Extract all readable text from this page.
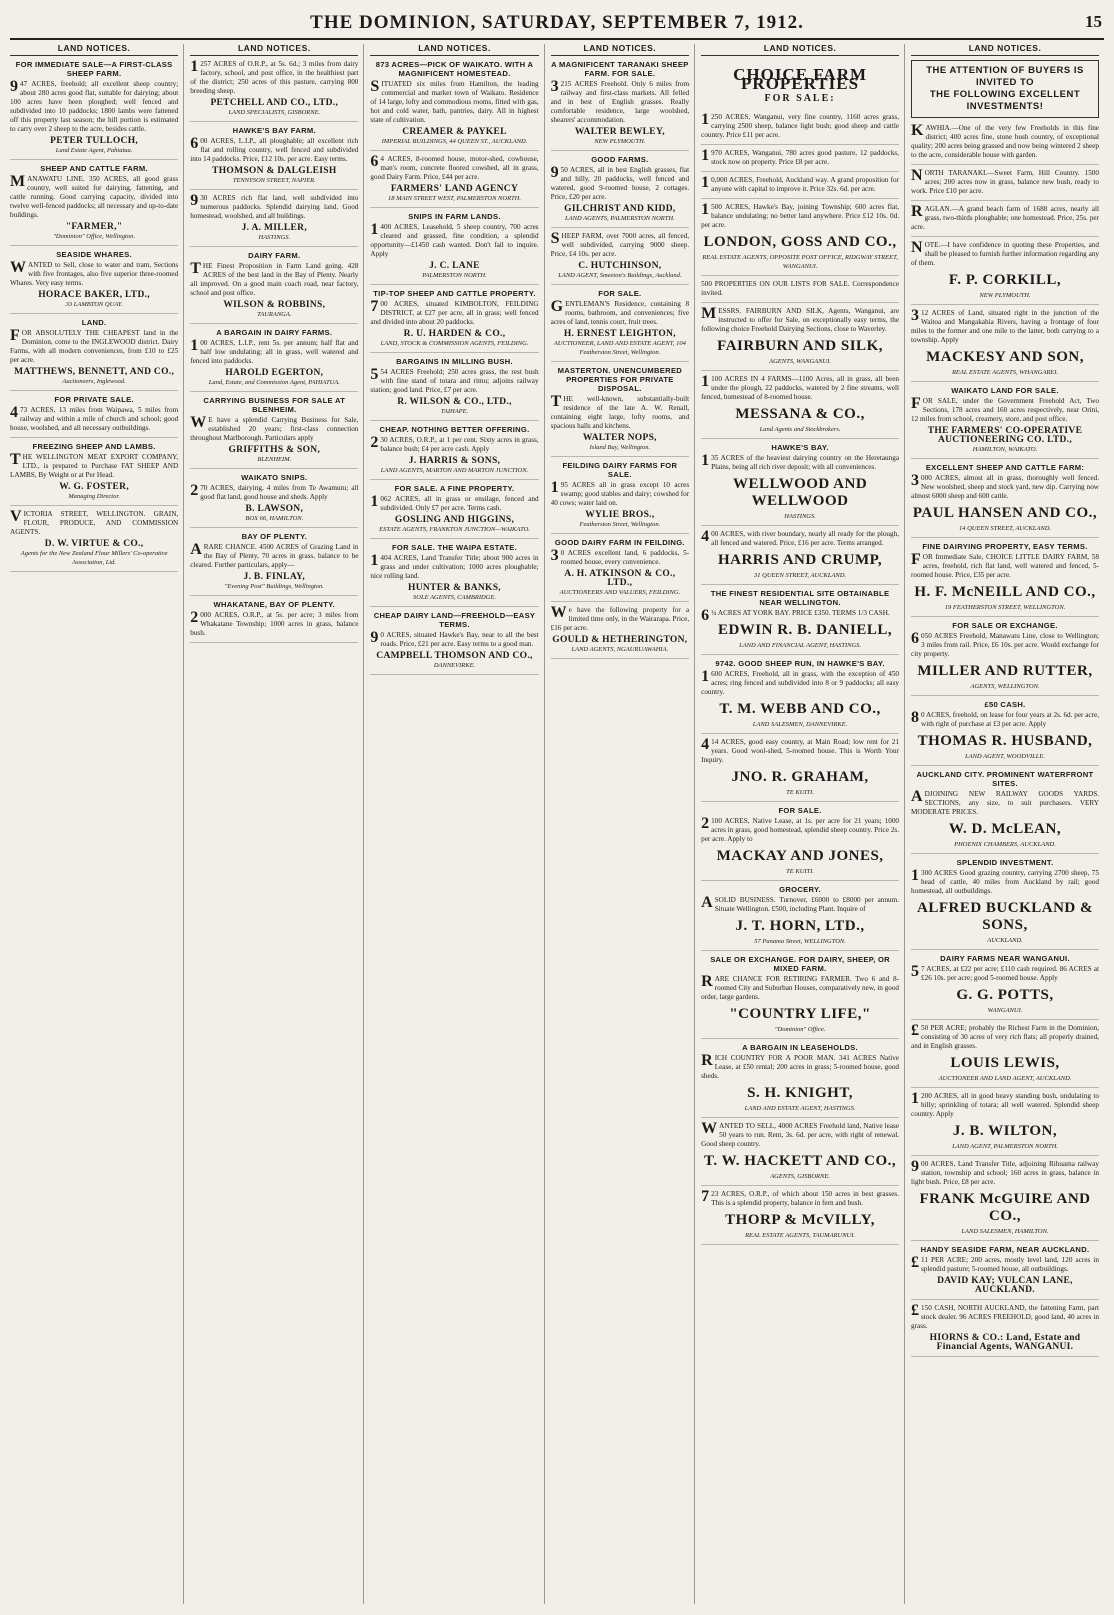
THE DOMINION, SATURDAY, SEPTEMBER 7, 1912.	15
LAND NOTICES.
FOR IMMEDIATE SALE—A FIRST-CLASS SHEEP FARM.
947 ACRES, freehold; all excellent sheep country; about 280 acres good flat, suitable for dairying; about 100 acres have been ploughed; well fenced and subdivided into 10 paddocks; 1800 lambs were fattened off this property last season; the hill portion is estimated to carry over 2 sheep to the acre, besides cattle.
PETER TULLOCH,
Land Estate Agent, Pahiatua.
SHEEP AND CATTLE FARM.
MANAWATU LINE. 350 ACRES, all good grass country, well suited for dairying, fattening, and cattle running. Good carrying capacity, divided into twelve well-fenced paddocks; all necessary and up-to-date buildings.
"FARMER,"
"Dominion" Office, Wellington.
SEASIDE WHARES.
WANTED to Sell, close to water and tram, Sections with five frontages, also five superior three-roomed Whares. Very easy terms.
HORACE BAKER, LTD.,
33 LAMBTON QUAY.
LAND.
FOR ABSOLUTELY THE CHEAPEST land in the Dominion, come to the INGLEWOOD district. Dairy Farms, with all modern conveniences, from £10 to £25 per acre.
MATTHEWS, BENNETT, AND CO.,
Auctioneers, Inglewood.
FOR PRIVATE SALE.
473 ACRES, 13 miles from Waipawa, 5 miles from railway and within a mile of church and school; good house, woolshed, and all necessary outbuildings.
FREEZING SHEEP AND LAMBS.
THE WELLINGTON MEAT EXPORT COMPANY, LTD., is prepared to Purchase FAT SHEEP AND LAMBS, By Weight or at Per Head.
W. G. FOSTER,
Managing Director.
VICTORIA STREET, WELLINGTON. GRAIN, FLOUR, PRODUCE, AND COMMISSION AGENTS.
D. W. VIRTUE & CO.,
Agents for the New Zealand Flour Millers' Co-operative Association, Ltd.
LAND NOTICES.
1257 ACRES of O.R.P., at 5s. 6d.; 3 miles from dairy factory, school, and post office, in the healthiest part of the district; 250 acres of this pasture, carrying 800 breeding sheep.
PETCHELL AND CO., LTD.,
LAND SPECIALISTS, GISBORNE.
HAWKE'S BAY FARM.
600 ACRES, L.I.P., all ploughable; all excellent rich flat and rolling country, well fenced and subdivided into 14 paddocks. Price, £12 10s. per acre. Easy terms.
THOMSON & DALGLEISH
TENNYSON STREET, NAPIER.
930 ACRES rich flat land, well subdivided into numerous paddocks. Splendid dairying land. Good homestead, woolshed, and all buildings.
J. A. MILLER,
HASTINGS.
DAIRY FARM.
THE Finest Proposition in Farm Land going. 428 ACRES of the best land in the Bay of Plenty. Nearly all improved. On a good main coach road, near factory, school and post office.
WILSON & ROBBINS,
TAURANGA.
A BARGAIN IN DAIRY FARMS.
100 ACRES, L.I.P., rent 5s. per annum; half flat and half low undulating; all in grass, well watered and fenced into paddocks.
HAROLD EGERTON,
Land, Estate, and Commission Agent, PAHIATUA.
CARRYING BUSINESS FOR SALE AT BLENHEIM.
WE have a splendid Carrying Business for Sale, established 20 years; first-class connection throughout Marlborough. Particulars apply
GRIFFITHS & SON,
BLENHEIM.
WAIKATO SNIPS.
270 ACRES, dairying, 4 miles from Te Awamutu; all good flat land, good house and sheds. Apply
B. LAWSON,
BOX 66, HAMILTON.
BAY OF PLENTY.
ARARE CHANCE. 4500 ACRES of Grazing Land in the Bay of Plenty, 70 acres in grass, balance to be cleared. Further particulars, apply—
J. B. FINLAY,
"Evening Post" Buildings, Wellington.
WHAKATANE, BAY OF PLENTY.
2000 ACRES, O.R.P., at 5s. per acre; 3 miles from Whakatane Township; 1000 acres in grass, balance bush.
LAND NOTICES.
873 ACRES—PICK OF WAIKATO. WITH A MAGNIFICENT HOMESTEAD.
SITUATED six miles from Hamilton, the leading commercial and market town of Waikato. Residence of 14 large, lofty and commodious rooms, fitted with gas, hot and cold water, bath, pantries, dairy. All in highest state of cultivation.
CREAMER & PAYKEL
IMPERIAL BUILDINGS, 44 QUEEN ST., AUCKLAND.
64 ACRES, 8-roomed house, motor-shed, cowhouse, man's room, concrete floored cowshed, all in grass, good Dairy Farm. Price, £44 per acre.
FARMERS' LAND AGENCY
18 MAIN STREET WEST, PALMERSTON NORTH.
SNIPS IN FARM LANDS.
1400 ACRES, Leasehold, 5 sheep country, 700 acres cleared and grassed, fine condition, a splendid opportunity—£1450 cash wanted. Don't fail to inquire. Apply
J. C. LANE
PALMERSTON NORTH.
TIP-TOP SHEEP AND CATTLE PROPERTY.
700 ACRES, situated KIMBOLTON, FEILDING DISTRICT, at £27 per acre, all in grass; well fenced and divided into about 20 paddocks.
R. U. HARDEN & CO.,
LAND, STOCK & COMMISSION AGENTS, FEILDING.
BARGAINS IN MILLING BUSH.
554 ACRES Freehold; 250 acres grass, the rest bush with fine stand of totara and rimu; adjoins railway station; good land. Price, £7 per acre.
R. WILSON & CO., LTD.,
TAIHAPE.
CHEAP. NOTHING BETTER OFFERING.
230 ACRES, O.R.P., at 1 per cent. Sixty acres in grass, balance bush; £4 per acre cash. Apply
J. HARRIS & SONS,
LAND AGENTS, MARTON AND MARTON JUNCTION.
FOR SALE. A FINE PROPERTY.
1062 ACRES, all in grass or ensilage, fenced and subdivided. Only £7 per acre. Terms cash.
GOSLING AND HIGGINS,
ESTATE AGENTS, FRANKTON JUNCTION—WAIKATO.
FOR SALE. THE WAIPA ESTATE.
1404 ACRES, Land Transfer Title; about 900 acres in grass and under cultivation; 1000 acres ploughable; nice rolling land.
HUNTER & BANKS,
SOLE AGENTS, CAMBRIDGE.
CHEAP DAIRY LAND—FREEHOLD—EASY TERMS.
90 ACRES, situated Hawke's Bay, near to all the best roads. Price, £21 per acre. Easy terms to a good man.
CAMPBELL THOMSON AND CO.,
DANNEVIRKE.
LAND NOTICES.
A MAGNIFICENT TARANAKI SHEEP FARM. FOR SALE.
3215 ACRES Freehold. Only 6 miles from railway and first-class markets. All felled and in best of English grasses. Really comfortable residence, large woolshed, shearers' accommodation.
WALTER BEWLEY,
NEW PLYMOUTH.
GOOD FARMS.
950 ACRES, all in best English grasses, flat and hilly, 20 paddocks, well fenced and watered, good 9-roomed house, 2 cottages. Price, £20 per acre.
GILCHRIST AND KIDD,
LAND AGENTS, PALMERSTON NORTH.
SHEEP FARM, over 7000 acres, all fenced, well subdivided, carrying 9000 sheep. Price, £4 10s. per acre.
C. HUTCHINSON,
LAND AGENT, Smeeton's Buildings, Auckland.
FOR SALE.
GENTLEMAN'S Residence, containing 8 rooms, bathroom, and conveniences; five acres of land, tennis court, fruit trees.
H. ERNEST LEIGHTON,
AUCTIONEER, LAND AND ESTATE AGENT, 104 Featherston Street, Wellington.
MASTERTON. UNENCUMBERED PROPERTIES FOR PRIVATE DISPOSAL.
THE well-known, substantially-built residence of the late A. W. Renall, containing eight large, lofty rooms, and spacious halls and kitchens.
WALTER NOPS,
Island Bay, Wellington.
FEILDING DAIRY FARMS FOR SALE.
195 ACRES all in grass except 10 acres swamp; good stables and dairy; cowshed for 40 cows; water laid on.
WYLIE BROS.,
Featherston Street, Wellington.
GOOD DAIRY FARM IN FEILDING.
30 ACRES excellent land, 6 paddocks, 5-roomed house, every convenience.
A. H. ATKINSON & CO., LTD.,
AUCTIONEERS AND VALUERS, FEILDING.
We have the following property for a limited time only, in the Wairarapa. Price, £16 per acre.
GOULD & HETHERINGTON,
LAND AGENTS, NGAURUAWAHIA.
LAND NOTICES.
CHOICE FARM PROPERTIES
FOR SALE:
1250 ACRES, Wanganui, very fine country, 1160 acres grass, carrying 2500 sheep, balance light bush; good sheep and cattle country. Price £11 per acre.
1970 ACRES, Wanganui, 780 acres good pasture, 12 paddocks, stock now on property. Price £8 per acre.
10,000 ACRES, Freehold, Auckland way. A grand proposition for anyone with capital to improve it. Price 32s. 6d. per acre.
1500 ACRES, Hawke's Bay, joining Township; 600 acres flat, balance undulating; no better land anywhere. Price £12 10s. 0d. per acre.
LONDON, GOSS AND CO.,
REAL ESTATE AGENTS, OPPOSITE POST OFFICE, RIDGWAY STREET, WANGANUI.
500 PROPERTIES ON OUR LISTS FOR SALE. Correspondence invited.
MESSRS. FAIRBURN AND SILK, Agents, Wanganui, are instructed to offer for Sale, on exceptionally easy terms, the following choice Freehold Dairying Sections, close to Waverley.
FAIRBURN AND SILK,
AGENTS, WANGANUI.
1100 ACRES IN 4 FARMS—1100 Acres, all in grass, all been under the plough, 22 paddocks, watered by 2 fine streams, well fenced, homestead of 8-roomed house.
MESSANA & CO.,
Land Agents and Stockbrokers.
HAWKE'S BAY.
135 ACRES of the heaviest dairying country on the Heretaunga Plains, being all rich river deposit; with all conveniences.
WELLWOOD AND WELLWOOD
HASTINGS.
400 ACRES, with river boundary, nearly all ready for the plough, all fenced and watered. Price, £16 per acre. Terms arranged.
HARRIS AND CRUMP,
31 QUEEN STREET, AUCKLAND.
THE FINEST RESIDENTIAL SITE OBTAINABLE NEAR WELLINGTON.
6¼ ACRES AT YORK BAY. PRICE £350. TERMS 1/3 CASH.
EDWIN R. B. DANIELL,
LAND AND FINANCIAL AGENT, HASTINGS.
9742. GOOD SHEEP RUN, IN HAWKE'S BAY.
1600 ACRES, Freehold, all in grass, with the exception of 450 acres; ring fenced and subdivided into 8 or 9 paddocks; all easy country.
T. M. WEBB AND CO.,
LAND SALESMEN, DANNEVIRKE.
414 ACRES, good easy country, at Main Road; low rent for 21 years. Good wool-shed, 5-roomed house. This is Worth Your Inquiry.
JNO. R. GRAHAM,
TE KUITI.
FOR SALE.
2100 ACRES, Native Lease, at 1s. per acre for 21 years; 1000 acres in grass, good homestead, splendid sheep country. Price 2s. per acre. Apply to
MACKAY AND JONES,
TE KUITI.
GROCERY.
ASOLID BUSINESS. Turnover, £6000 to £8000 per annum. Situate Wellington. £500, including Plant. Inquire of
J. T. HORN, LTD.,
57 Panama Street, WELLINGTON.
SALE OR EXCHANGE. FOR DAIRY, SHEEP, OR MIXED FARM.
RARE CHANCE FOR RETIRING FARMER. Two 6 and 8-roomed City and Suburban Houses, comparatively new, in good order, large gardens.
"COUNTRY LIFE,"
"Dominion" Office.
A BARGAIN IN LEASEHOLDS.
RICH COUNTRY FOR A POOR MAN. 341 ACRES Native Lease, at £50 rental; 200 acres in grass; 5-roomed house, good sheds.
S. H. KNIGHT,
LAND AND ESTATE AGENT, HASTINGS.
WANTED TO SELL, 4000 ACRES Freehold land, Native lease 50 years to run. Rent, 3s. 6d. per acre, with right of renewal. Good sheep country.
T. W. HACKETT AND CO.,
AGENTS, GISBORNE.
723 ACRES, O.R.P., of which about 150 acres in best grasses. This is a splendid property, balance in fern and bush.
THORP & McVILLY,
REAL ESTATE AGENTS, TAUMARUNUI.
LAND NOTICES.
THE ATTENTION OF BUYERS IS INVITED TO
THE FOLLOWING EXCELLENT
INVESTMENTS!
KAWHIA.—One of the very few Freeholds in this fine district; 400 acres fine, stone hush country, of exceptional quality; 200 acres being grassed and now being wintered 2 sheep to the acre, considerable house with garden.
NORTH TARANAKI.—Sweet Farm, Hill Country. 1500 acres; 200 acres now in grass, balance new bush, ready to work. Price £10 per acre.
RAGLAN.—A grand beach farm of 1688 acres, nearly all grass, two-thirds ploughable; one homestead. Price, 25s. per acre.
NOTE.—I have confidence in quoting these Properties, and shall be pleased to furnish further information regarding any of them.
F. P. CORKILL,
NEW PLYMOUTH.
312 ACRES of Land, situated right in the junction of the Waitoa and Mangakahia Rivers, having a frontage of four miles to the former and one mile to the latter, both carrying to a township. Apply
MACKESY AND SON,
REAL ESTATE AGENTS, WHANGAREI.
WAIKATO LAND FOR SALE.
FOR SALE, under the Government Freehold Act, Two Sections, 178 acres and 160 acres respectively, near Orini, 12 miles from school, creamery, store, and post office.
THE FARMERS' CO-OPERATIVE AUCTIONEERING CO. LTD.,
HAMILTON, WAIKATO.
EXCELLENT SHEEP AND CATTLE FARM:
3000 ACRES, almost all in grass, thoroughly well fenced. New woolshed, sheep and stock yard, new dip. Carrying now almost 6000 sheep and 600 cattle.
PAUL HANSEN AND CO.,
14 QUEEN STREET, AUCKLAND.
FINE DAIRYING PROPERTY, EASY TERMS.
FOR Immediate Sale, CHOICE LITTLE DAIRY FARM, 58 acres, freehold, rich flat land, well watered and fenced, 5-roomed house. Price, £35 per acre.
H. F. McNEILL AND CO.,
19 FEATHERSTON STREET, WELLINGTON.
FOR SALE OR EXCHANGE.
6050 ACRES Freehold, Manawatu Line, close to Wellington; 3 miles from rail. Price, £6 10s. per acre. Would exchange for city property.
MILLER AND RUTTER,
AGENTS, WELLINGTON.
£50 CASH.
80 ACRES, freehold, on lease for four years at 2s. 6d. per acre, with right of purchase at £3 per acre. Apply
THOMAS R. HUSBAND,
LAND AGENT, WOODVILLE.
AUCKLAND CITY. PROMINENT WATERFRONT SITES.
ADJOINING NEW RAILWAY GOODS YARDS. SECTIONS, any size, to suit purchasers. VERY MODERATE PRICES.
W. D. McLEAN,
PHOENIX CHAMBERS, AUCKLAND.
SPLENDID INVESTMENT.
1300 ACRES Good grazing country, carrying 2700 sheep, 75 head of cattle, 40 miles from Auckland by rail; good homestead, all outbuildings.
ALFRED BUCKLAND & SONS,
AUCKLAND.
DAIRY FARMS NEAR WANGANUI.
57 ACRES, at £22 per acre; £110 cash required. 86 ACRES at £26 10s. per acre; good 5-roomed house. Apply
G. G. POTTS,
WANGANUI.
£50 PER ACRE; probably the Richest Farm in the Dominion, consisting of 30 acres of very rich flats; all properly drained, and in English grasses.
LOUIS LEWIS,
AUCTIONEER AND LAND AGENT, AUCKLAND.
1200 ACRES, all in good heavy standing bush, undulating to hilly; sprinkling of totara; all well watered. Splendid sheep country. Apply
J. B. WILTON,
LAND AGENT, PALMERSTON NORTH.
900 ACRES, Land Transfer Title, adjoining Rihuama railway station, township and school; 160 acres in grass, balance in light bush. Price, £8 per acre.
FRANK McGUIRE AND CO.,
LAND SALESMEN, HAMILTON.
HANDY SEASIDE FARM, NEAR AUCKLAND.
£11 PER ACRE; 200 acres, mostly level land, 120 acres in splendid pasture; 5-roomed house, all outbuildings.
DAVID KAY; VULCAN LANE, AUCKLAND.
£150 CASH, NORTH AUCKLAND, the fattening Farm, part stock dealer. 96 ACRES FREEHOLD, good land, 40 acres in grass.
HIORNS & CO.: Land, Estate and Financial Agents, WANGANUI.
